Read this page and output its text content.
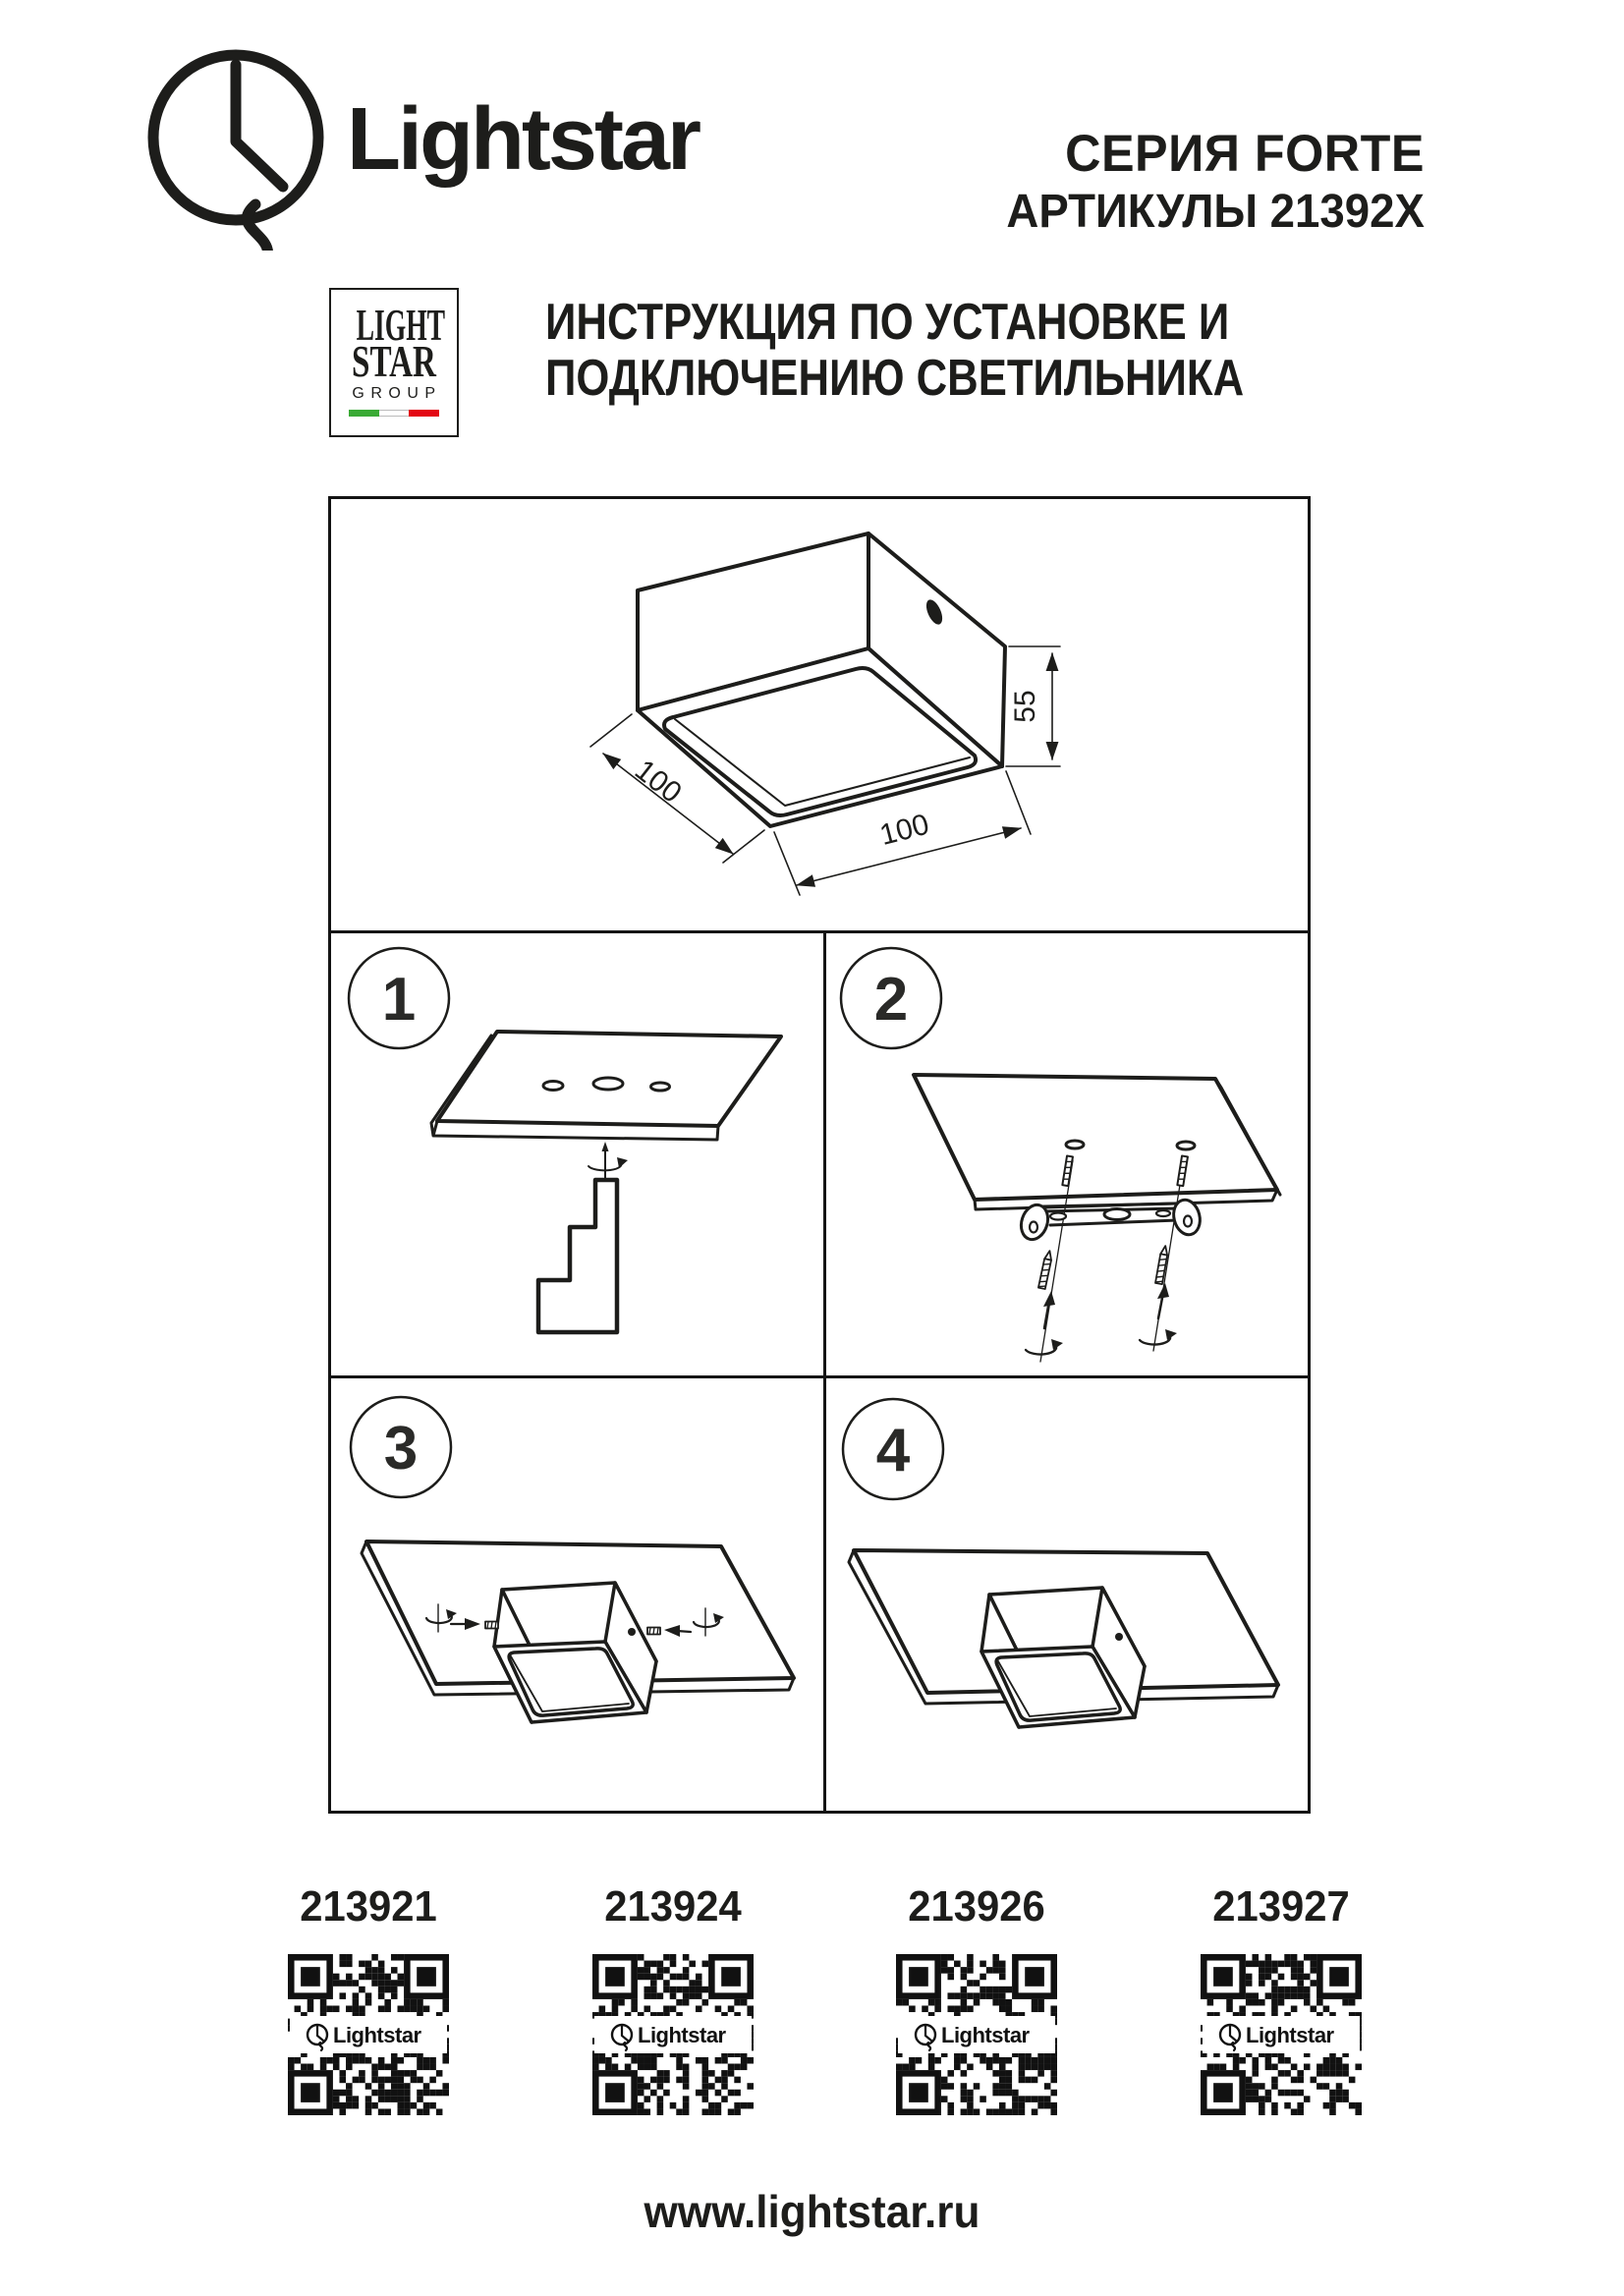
Lightstar	СЕРИЯ FORTE
АРТИКУЛЫ 21392X
LIGHT
STAR
GROUP
ИНСТРУКЦИЯ ПО УСТАНОВКЕ И
ПОДКЛЮЧЕНИЮ СВЕТИЛЬНИКА
55
100
100
1	2
3	4
213921
Lightstar
213924
Lightstar
213926
Lightstar
213927
Lightstar
www.lightstar.ru
